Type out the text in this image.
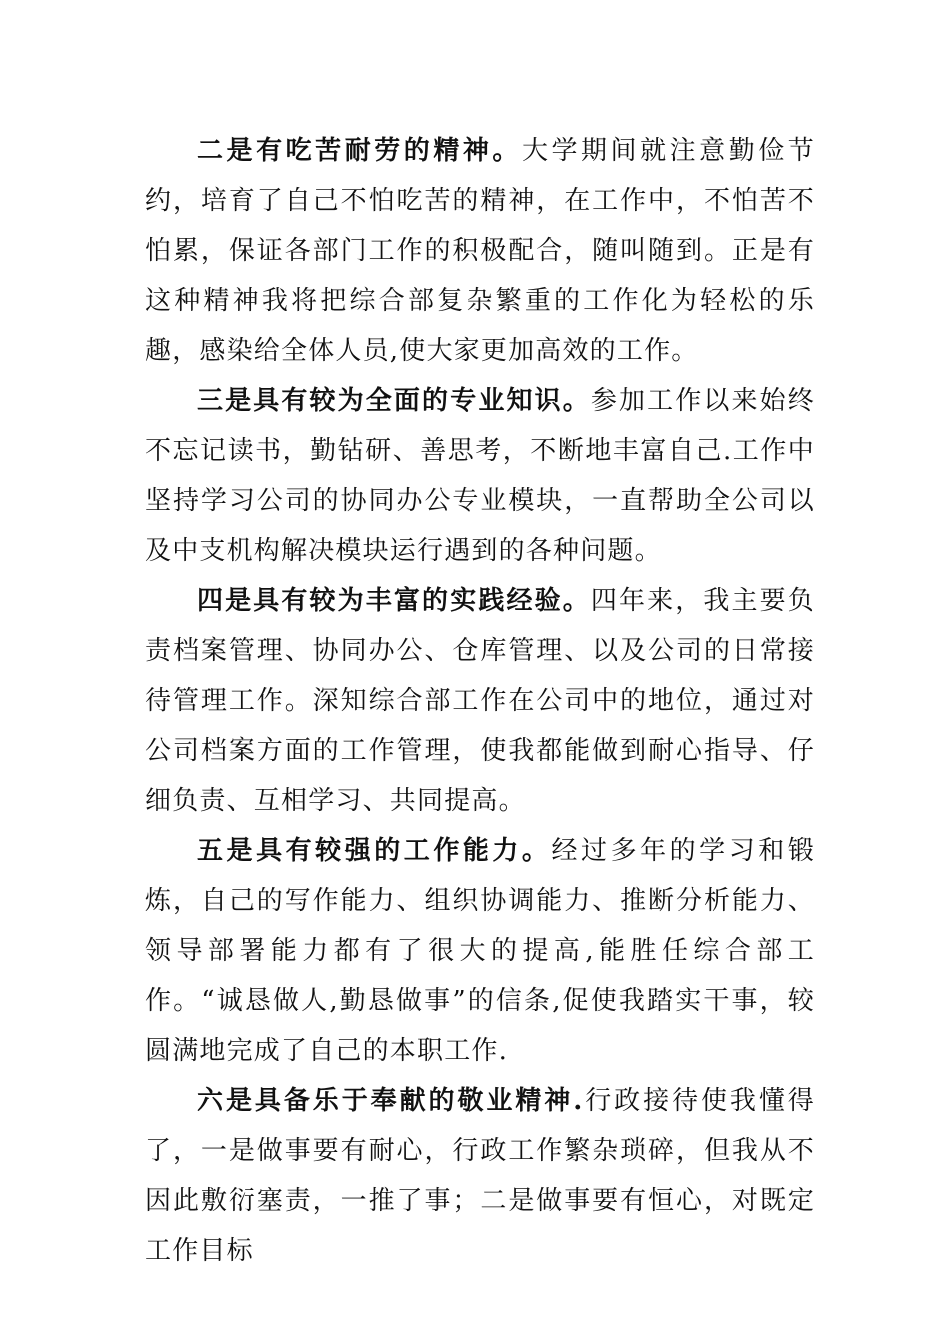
二是有吃苦耐劳的精神。大学期间就注意勤俭节约，培育了自己不怕吃苦的精神，在工作中，不怕苦不怕累，保证各部门工作的积极配合，随叫随到。正是有这种精神我将把综合部复杂繁重的工作化为轻松的乐趣，感染给全体人员,使大家更加高效的工作。

三是具有较为全面的专业知识。参加工作以来始终不忘记读书，勤钻研、善思考，不断地丰富自己.工作中坚持学习公司的协同办公专业模块，一直帮助全公司以及中支机构解决模块运行遇到的各种问题。

四是具有较为丰富的实践经验。四年来，我主要负责档案管理、协同办公、仓库管理、以及公司的日常接待管理工作。深知综合部工作在公司中的地位，通过对公司档案方面的工作管理，使我都能做到耐心指导、仔细负责、互相学习、共同提高。

五是具有较强的工作能力。经过多年的学习和锻炼，自己的写作能力、组织协调能力、推断分析能力、领导部署能力都有了很大的提高,能胜任综合部工作。“诚恳做人,勤恳做事”的信条,促使我踏实干事，较圆满地完成了自己的本职工作.

六是具备乐于奉献的敬业精神.行政接待使我懂得了，一是做事要有耐心，行政工作繁杂琐碎，但我从不因此敷衍塞责，一推了事；二是做事要有恒心，对既定工作目标
